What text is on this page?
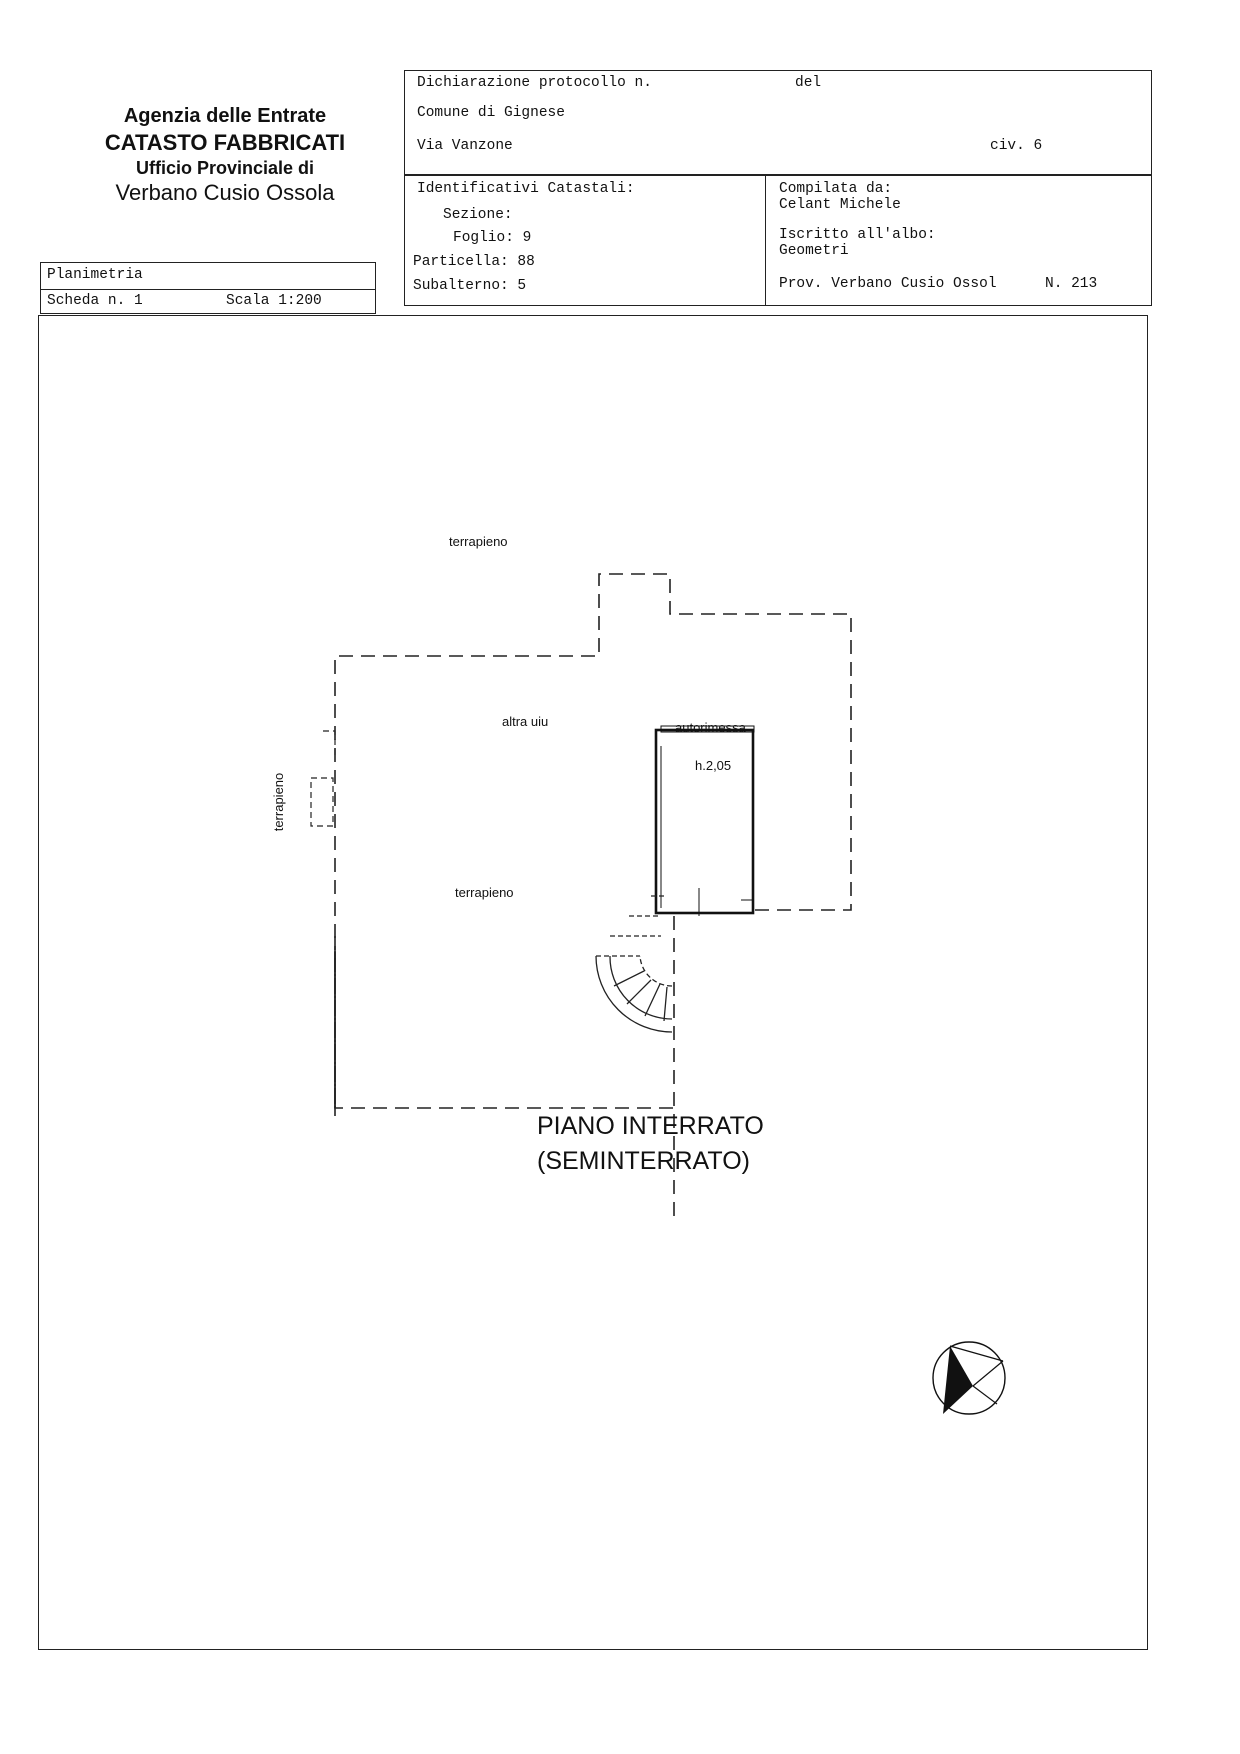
Agenzia delle Entrate
CATASTO FABBRICATI
Ufficio Provinciale di
Verbano Cusio Ossola
Planimetria
Scheda n. 1	Scala 1:200
Dichiarazione protocollo n.	del
Comune di Gignese
Via Vanzone	civ. 6
Identificativi Catastali:
Sezione:
Foglio: 9
Particella: 88
Subalterno: 5
Compilata da:
Celant Michele
Iscritto all'albo:
Geometri
Prov. Verbano Cusio Ossol	N. 213
terrapieno
terrapieno
terrapieno
altra uiu	autorimessa
h.2,05
PIANO INTERRATO
(SEMINTERRATO)
